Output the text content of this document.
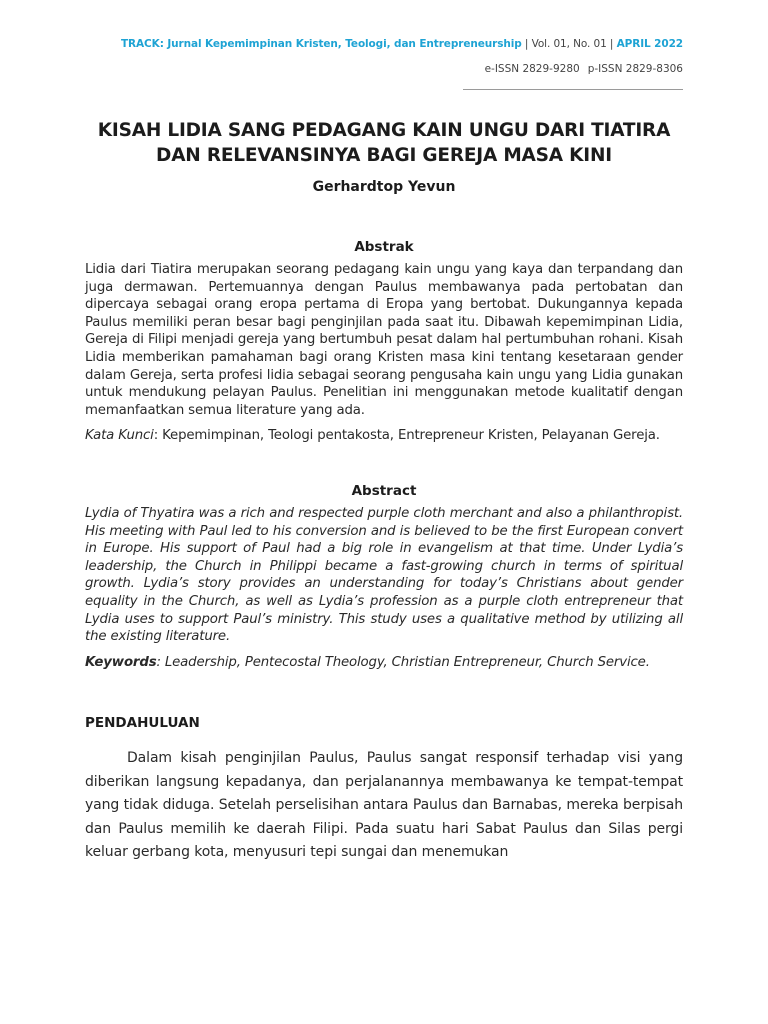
TRACK: Jurnal Kepemimpinan Kristen, Teologi, dan Entrepreneurship | Vol. 01, No. 01 | APRIL 2022
e-ISSN 2829-9280 p-ISSN 2829-8306
KISAH LIDIA SANG PEDAGANG KAIN UNGU DARI TIATIRA DAN RELEVANSINYA BAGI GEREJA MASA KINI

Gerhardtop Yevun

Abstrak

Lidia dari Tiatira merupakan seorang pedagang kain ungu yang kaya dan terpandang dan juga dermawan. Pertemuannya dengan Paulus membawanya pada pertobatan dan dipercaya sebagai orang eropa pertama di Eropa yang bertobat. Dukungannya kepada Paulus memiliki peran besar bagi penginjilan pada saat itu. Dibawah kepemimpinan Lidia, Gereja di Filipi menjadi gereja yang bertumbuh pesat dalam hal pertumbuhan rohani. Kisah Lidia memberikan pamahaman bagi orang Kristen masa kini tentang kesetaraan gender dalam Gereja, serta profesi lidia sebagai seorang pengusaha kain ungu yang Lidia gunakan untuk mendukung pelayan Paulus. Penelitian ini menggunakan metode kualitatif dengan memanfaatkan semua literature yang ada.

Kata Kunci: Kepemimpinan, Teologi pentakosta, Entrepreneur Kristen, Pelayanan Gereja.

Abstract

Lydia of Thyatira was a rich and respected purple cloth merchant and also a philanthropist. His meeting with Paul led to his conversion and is believed to be the first European convert in Europe. His support of Paul had a big role in evangelism at that time. Under Lydia’s leadership, the Church in Philippi became a fast-growing church in terms of spiritual growth. Lydia’s story provides an understanding for today’s Christians about gender equality in the Church, as well as Lydia’s profession as a purple cloth entrepreneur that Lydia uses to support Paul’s ministry. This study uses a qualitative method by utilizing all the existing literature.

Keywords: Leadership, Pentecostal Theology, Christian Entrepreneur, Church Service.

PENDAHULUAN

Dalam kisah penginjilan Paulus, Paulus sangat responsif terhadap visi yang diberikan langsung kepadanya, dan perjalanannya membawanya ke tempat-tempat yang tidak diduga. Setelah perselisihan antara Paulus dan Barnabas, mereka berpisah dan Paulus memilih ke daerah Filipi. Pada suatu hari Sabat Paulus dan Silas pergi keluar gerbang kota, menyusuri tepi sungai dan menemukan
